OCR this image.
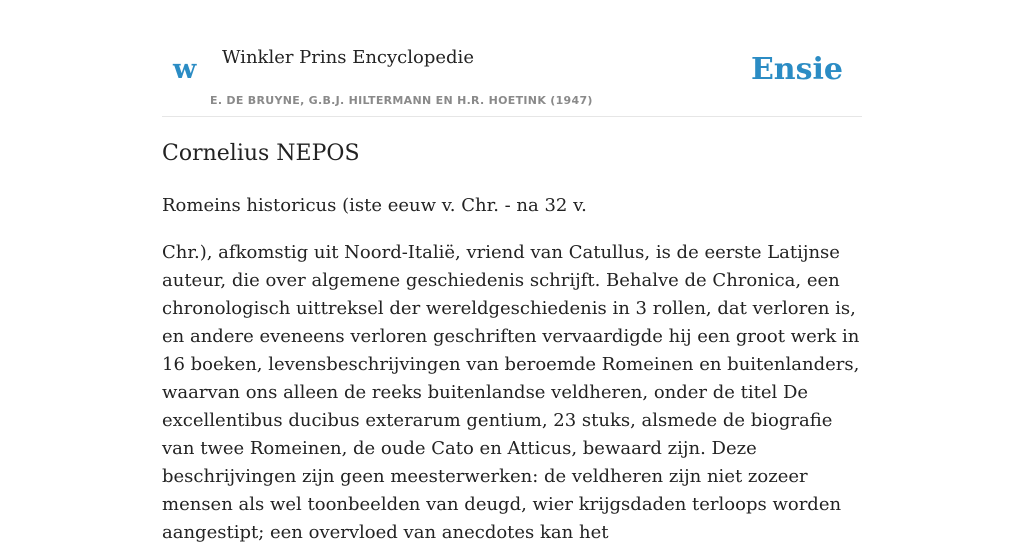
w Winkler Prins Encyclopedie
E. DE BRUYNE, G.B.J. HILTERMANN EN H.R. HOETINK (1947)
Ensie
Cornelius NEPOS

Romeins historicus (iste eeuw v. Chr. - na 32 v.

Chr.), afkomstig uit Noord-Italië, vriend van Catullus, is de eerste Latijnse auteur, die over algemene geschiedenis schrijft. Behalve de Chronica, een chronologisch uittreksel der wereldgeschiedenis in 3 rollen, dat verloren is, en andere eveneens verloren geschriften vervaardigde hij een groot werk in 16 boeken, levensbeschrijvingen van beroemde Romeinen en buitenlanders, waarvan ons alleen de reeks buitenlandse veldheren, onder de titel De excellentibus ducibus exterarum gentium, 23 stuks, alsmede de biografie van twee Romeinen, de oude Cato en Atticus, bewaard zijn. Deze beschrijvingen zijn geen meesterwerken: de veldheren zijn niet zozeer mensen als wel toonbeelden van deugd, wier krijgsdaden terloops worden aangestipt; een overvloed van anecdotes kan het
